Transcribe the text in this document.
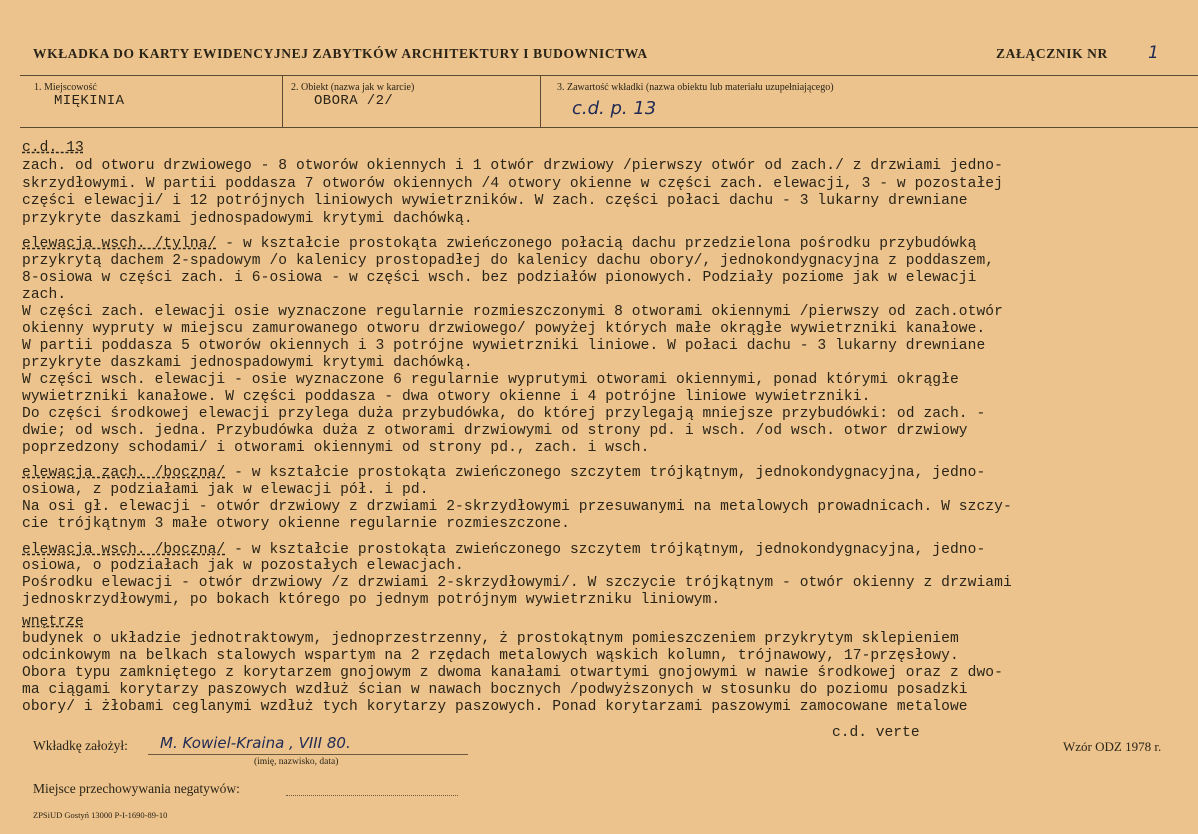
WKŁADKA DO KARTY EWIDENCYJNEJ ZABYTKÓW ARCHITEKTURY I BUDOWNICTWA	ZAŁĄCZNIK NR 1
1. Miejscowość
MIĘKINIA
2. Obiekt (nazwa jak w karcie)
OBORA /2/
3. Zawartość wkładki (nazwa obiektu lub materiału uzupełniającego)
c.d. p. 13
c.d. 13
zach. od otworu drzwiowego - 8 otworów okiennych i 1 otwór drzwiowy /pierwszy otwór od zach./ z drzwiami jedno-
skrzydłowymi. W partii poddasza 7 otworów okiennych /4 otwory okienne w części zach. elewacji, 3 - w pozostałej
części elewacji/ i 12 potrójnych liniowych wywietrzników. W zach. części połaci dachu - 3 lukarny drewniane
przykryte daszkami jednospadowymi krytymi dachówką.
elewacja wsch. /tylna/ - w kształcie prostokąta zwieńczonego połacią dachu przedzielona pośrodku przybudówką
przykrytą dachem 2-spadowym /o kalenicy prostopadłej do kalenicy dachu obory/, jednokondygnacyjna z poddaszem,
8-osiowa w części zach. i 6-osiowa - w części wsch. bez podziałów pionowych. Podziały poziome jak w elewacji
zach.
W części zach. elewacji osie wyznaczone regularnie rozmieszczonymi 8 otworami okiennymi /pierwszy od zach.otwór
okienny wypruty w miejscu zamurowanego otworu drzwiowego/ powyżej których małe okrągłe wywietrzniki kanałowe.
W partii poddasza 5 otworów okiennych i 3 potrójne wywietrzniki liniowe. W połaci dachu - 3 lukarny drewniane
przykryte daszkami jednospadowymi krytymi dachówką.
W części wsch. elewacji - osie wyznaczone 6 regularnie wyprutymi otworami okiennymi, ponad którymi okrągłe
wywietrzniki kanałowe. W części poddasza - dwa otwory okienne i 4 potrójne liniowe wywietrzniki.
Do części środkowej elewacji przylega duża przybudówka, do której przylegają mniejsze przybudówki: od zach. -
dwie; od wsch. jedna. Przybudówka duża z otworami drzwiowymi od strony pd. i wsch. /od wsch. otwor drzwiowy
poprzedzony schodami/ i otworami okiennymi od strony pd., zach. i wsch.
elewacja zach. /boczna/ - w kształcie prostokąta zwieńczonego szczytem trójkątnym, jednokondygnacyjna, jedno-
osiowa, z podziałami jak w elewacji pół. i pd.
Na osi gł. elewacji - otwór drzwiowy z drzwiami 2-skrzydłowymi przesuwanymi na metalowych prowadnicach. W szczy-
cie trójkątnym 3 małe otwory okienne regularnie rozmieszczone.
elewacja wsch. /boczna/ - w kształcie prostokąta zwieńczonego szczytem trójkątnym, jednokondygnacyjna, jedno-
osiowa, o podziałach jak w pozostałych elewacjach.
Pośrodku elewacji - otwór drzwiowy /z drzwiami 2-skrzydłowymi/. W szczycie trójkątnym - otwór okienny z drzwiami
jednoskrzydłowymi, po bokach którego po jednym potrójnym wywietrzniku liniowym.
wnętrze
budynek o układzie jednotraktowym, jednoprzestrzenny, ż prostokątnym pomieszczeniem przykrytym sklepieniem
odcinkowym na belkach stalowych wspartym na 2 rzędach metalowych wąskich kolumn, trójnawowy, 17-przęsłowy.
Obora typu zamkniętego z korytarzem gnojowym z dwoma kanałami otwartymi gnojowymi w nawie środkowej oraz z dwo-
ma ciągami korytarzy paszowych wzdłuż ścian w nawach bocznych /podwyższonych w stosunku do poziomu posadzki
obory/ i żłobami ceglanymi wzdłuż tych korytarzy paszowych. Ponad korytarzami paszowymi zamocowane metalowe
c.d. verte
Wkładkę założył: M. Kowiel-Kraina , VIII 80.
(imię, nazwisko, data)
Wzór ODZ 1978 r.
Miejsce przechowywania negatywów:
ZPSiUD Gostyń 13000 P-I-1690-89-10
